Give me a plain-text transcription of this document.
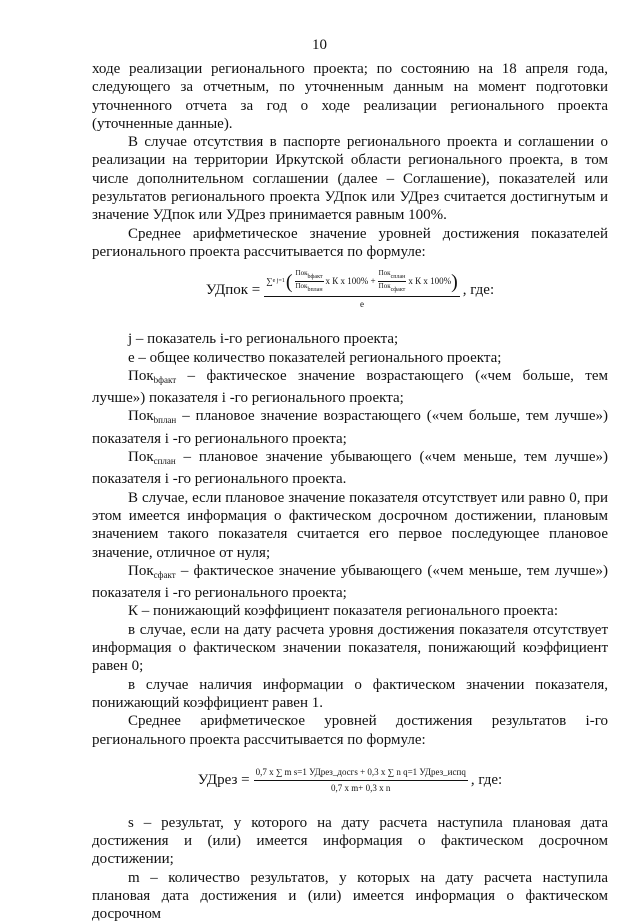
10

ходе реализации регионального проекта; по состоянию на 18 апреля года, следующего за отчетным, по уточненным данным на момент подготовки уточненного отчета за год о ходе реализации регионального проекта (уточненные данные).

В случае отсутствия в паспорте регионального проекта и соглашении о реализации на территории Иркутской области регионального проекта, в том числе дополнительном соглашении (далее – Соглашение), показателей или результатов регионального проекта УДпок или УДрез считается достигнутым и значение УДпок или УДрез принимается равным 100%.

Среднее арифметическое значение уровней достижения показателей регионального проекта рассчитывается по формуле:

УДпок =
∑ e j=1 ( Покbфакт
Покbплан
х К х 100% +
Покcплан
Покcфакт
х К х 100% )
е
, где:

j – показатель i-го регионального проекта;

е – общее количество показателей регионального проекта;

Пок$_{bфакт}$ – фактическое значение возрастающего («чем больше, тем лучше») показателя i -го регионального проекта;

Пок$_{bплан}$ – плановое значение возрастающего («чем больше, тем лучше») показателя i -го регионального проекта;

Пок$_{cплан}$ – плановое значение убывающего («чем меньше, тем лучше») показателя i -го регионального проекта.

В случае, если плановое значение показателя отсутствует или равно 0, при этом имеется информация о фактическом досрочном достижении, плановым значением такого показателя считается его первое последующее плановое значение, отличное от нуля;

Пок$_{cфакт}$ – фактическое значение убывающего («чем меньше, тем лучше») показателя i -го регионального проекта;

К – понижающий коэффициент показателя регионального проекта:

в случае, если на дату расчета уровня достижения показателя отсутствует информация о фактическом значении показателя, понижающий коэффициент равен 0;

в случае наличия информации о фактическом значении показателя, понижающий коэффициент равен 1.

Среднее арифметическое уровней достижения результатов i-го регионального проекта рассчитывается по формуле:

УДрез = $\frac{\text{0,7 х ∑ m s=1 УДрез\_досгs + 0,3 х ∑ n q=1 УДрез\_испq}}{\text{0,7 х m+ 0,3 х n}}$ , где:

s – результат, у которого на дату расчета наступила плановая дата достижения и (или) имеется информация о фактическом досрочном достижении;

m – количество результатов, у которых на дату расчета наступила плановая дата достижения и (или) имеется информация о фактическом досрочном
